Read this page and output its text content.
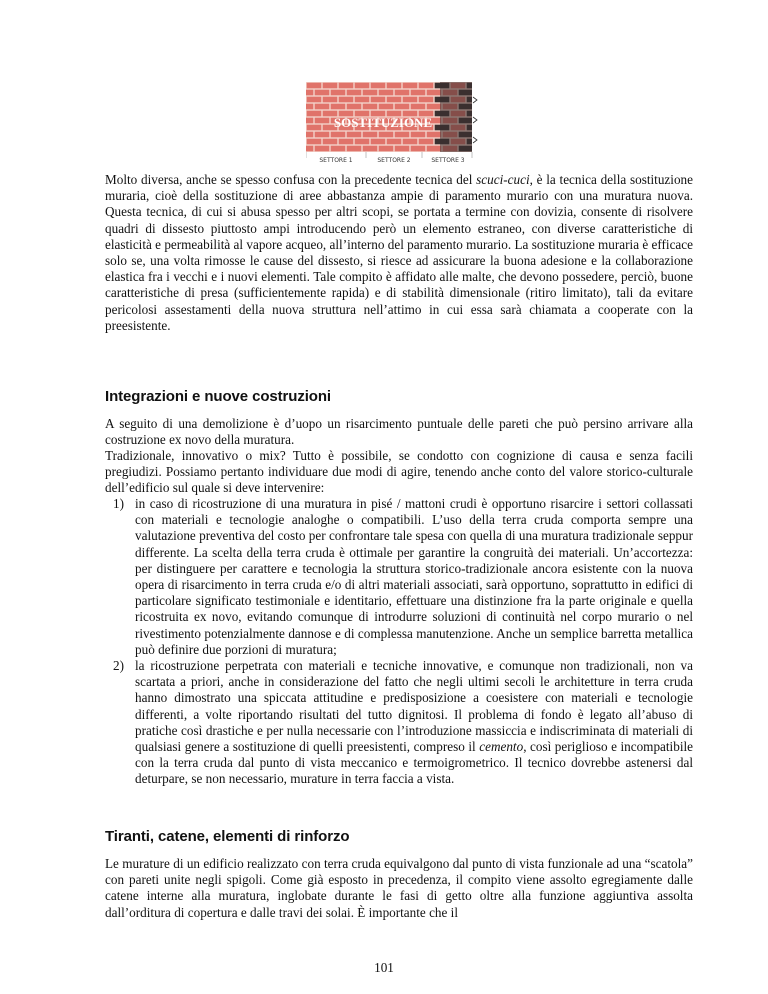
SOSTITUZIONE
SETTORE 1	SETTORE 2	SETTORE 3

Molto diversa, anche se spesso confusa con la precedente tecnica del scuci-cuci, è la tecnica della sostituzione muraria, cioè della sostituzione di aree abbastanza ampie di paramento murario con una muratura nuova. Questa tecnica, di cui si abusa spesso per altri scopi, se portata a termine con dovizia, consente di risolvere quadri di dissesto piuttosto ampi introducendo però un elemento estraneo, con diverse caratteristiche di elasticità e permeabilità al vapore acqueo, all’interno del paramento murario. La sostituzione muraria è efficace solo se, una volta rimosse le cause del dissesto, si riesce ad assicurare la buona adesione e la collaborazione elastica fra i vecchi e i nuovi elementi. Tale compito è affidato alle malte, che devono possedere, perciò, buone caratteristiche di presa (sufficientemente rapida) e di stabilità dimensionale (ritiro limitato), tali da evitare pericolosi assestamenti della nuova struttura nell’attimo in cui essa sarà chiamata a cooperate con la preesistente.

Integrazioni e nuove costruzioni

A seguito di una demolizione è d’uopo un risarcimento puntuale delle pareti che può persino arrivare alla costruzione ex novo della muratura.

Tradizionale, innovativo o mix? Tutto è possibile, se condotto con cognizione di causa e senza facili pregiudizi. Possiamo pertanto individuare due modi di agire, tenendo anche conto del valore storico-culturale dell’edificio sul quale si deve intervenire:

1) in caso di ricostruzione di una muratura in pisé / mattoni crudi è opportuno risarcire i settori collassati con materiali e tecnologie analoghe o compatibili. L’uso della terra cruda comporta sempre una valutazione preventiva del costo per confrontare tale spesa con quella di una muratura tradizionale seppur differente. La scelta della terra cruda è ottimale per garantire la congruità dei materiali. Un’accortezza: per distinguere per carattere e tecnologia la struttura storico-tradizionale ancora esistente con la nuova opera di risarcimento in terra cruda e/o di altri materiali associati, sarà opportuno, soprattutto in edifici di particolare significato testimoniale e identitario, effettuare una distinzione fra la parte originale e quella ricostruita ex novo, evitando comunque di introdurre soluzioni di continuità nel corpo murario o nel rivestimento potenzialmente dannose e di complessa manutenzione. Anche un semplice barretta metallica può definire due porzioni di muratura;
2) la ricostruzione perpetrata con materiali e tecniche innovative, e comunque non tradizionali, non va scartata a priori, anche in considerazione del fatto che negli ultimi secoli le architetture in terra cruda hanno dimostrato una spiccata attitudine e predisposizione a coesistere con materiali e tecnologie differenti, a volte riportando risultati del tutto dignitosi. Il problema di fondo è legato all’abuso di pratiche così drastiche e per nulla necessarie con l’introduzione massiccia e indiscriminata di materiali di qualsiasi genere a sostituzione di quelli preesistenti, compreso il cemento, così periglioso e incompatibile con la terra cruda dal punto di vista meccanico e termoigrometrico. Il tecnico dovrebbe astenersi dal deturpare, se non necessario, murature in terra faccia a vista.
Tiranti, catene, elementi di rinforzo

Le murature di un edificio realizzato con terra cruda equivalgono dal punto di vista funzionale ad una “scatola” con pareti unite negli spigoli. Come già esposto in precedenza, il compito viene assolto egregiamente dalle catene interne alla muratura, inglobate durante le fasi di getto oltre alla funzione aggiuntiva assolta dall’orditura di copertura e dalle travi dei solai. È importante che il

101
